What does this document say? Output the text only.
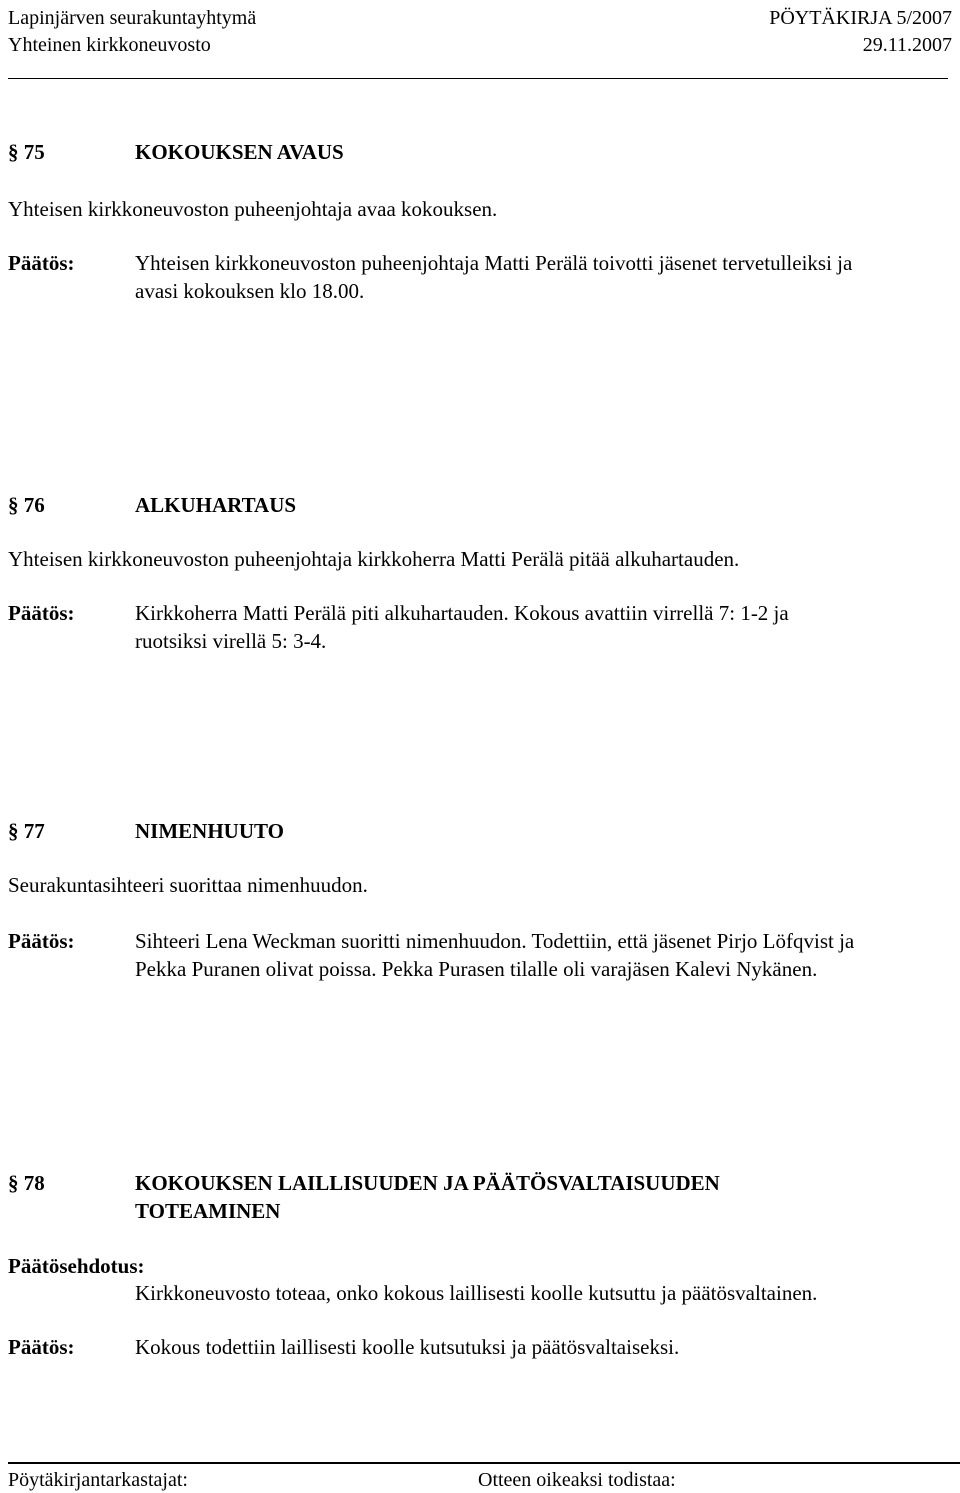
Lapinjärven seurakuntayhtymä	PÖYTÄKIRJA 5/2007
Yhteinen kirkkoneuvosto	29.11.2007
§ 75	KOKOUKSEN AVAUS
Yhteisen kirkkoneuvoston puheenjohtaja avaa kokouksen.
Päätös:	Yhteisen kirkkoneuvoston puheenjohtaja Matti Perälä toivotti jäsenet tervetulleiksi ja
avasi kokouksen klo 18.00.
§ 76	ALKUHARTAUS
Yhteisen kirkkoneuvoston puheenjohtaja kirkkoherra Matti Perälä pitää alkuhartauden.
Päätös:	Kirkkoherra Matti Perälä piti alkuhartauden. Kokous avattiin virrellä 7: 1-2 ja
ruotsiksi virellä 5: 3-4.
§ 77	NIMENHUUTO
Seurakuntasihteeri suorittaa nimenhuudon.
Päätös:	Sihteeri Lena Weckman suoritti nimenhuudon. Todettiin, että jäsenet Pirjo Löfqvist ja
Pekka Puranen olivat poissa. Pekka Purasen tilalle oli varajäsen Kalevi Nykänen.
§ 78	KOKOUKSEN LAILLISUUDEN JA PÄÄTÖSVALTAISUUDEN
TOTEAMINEN
Päätösehdotus:
Kirkkoneuvosto toteaa, onko kokous laillisesti koolle kutsuttu ja päätösvaltainen.
Päätös:	Kokous todettiin laillisesti koolle kutsutuksi ja päätösvaltaiseksi.
Pöytäkirjantarkastajat:	Otteen oikeaksi todistaa:
